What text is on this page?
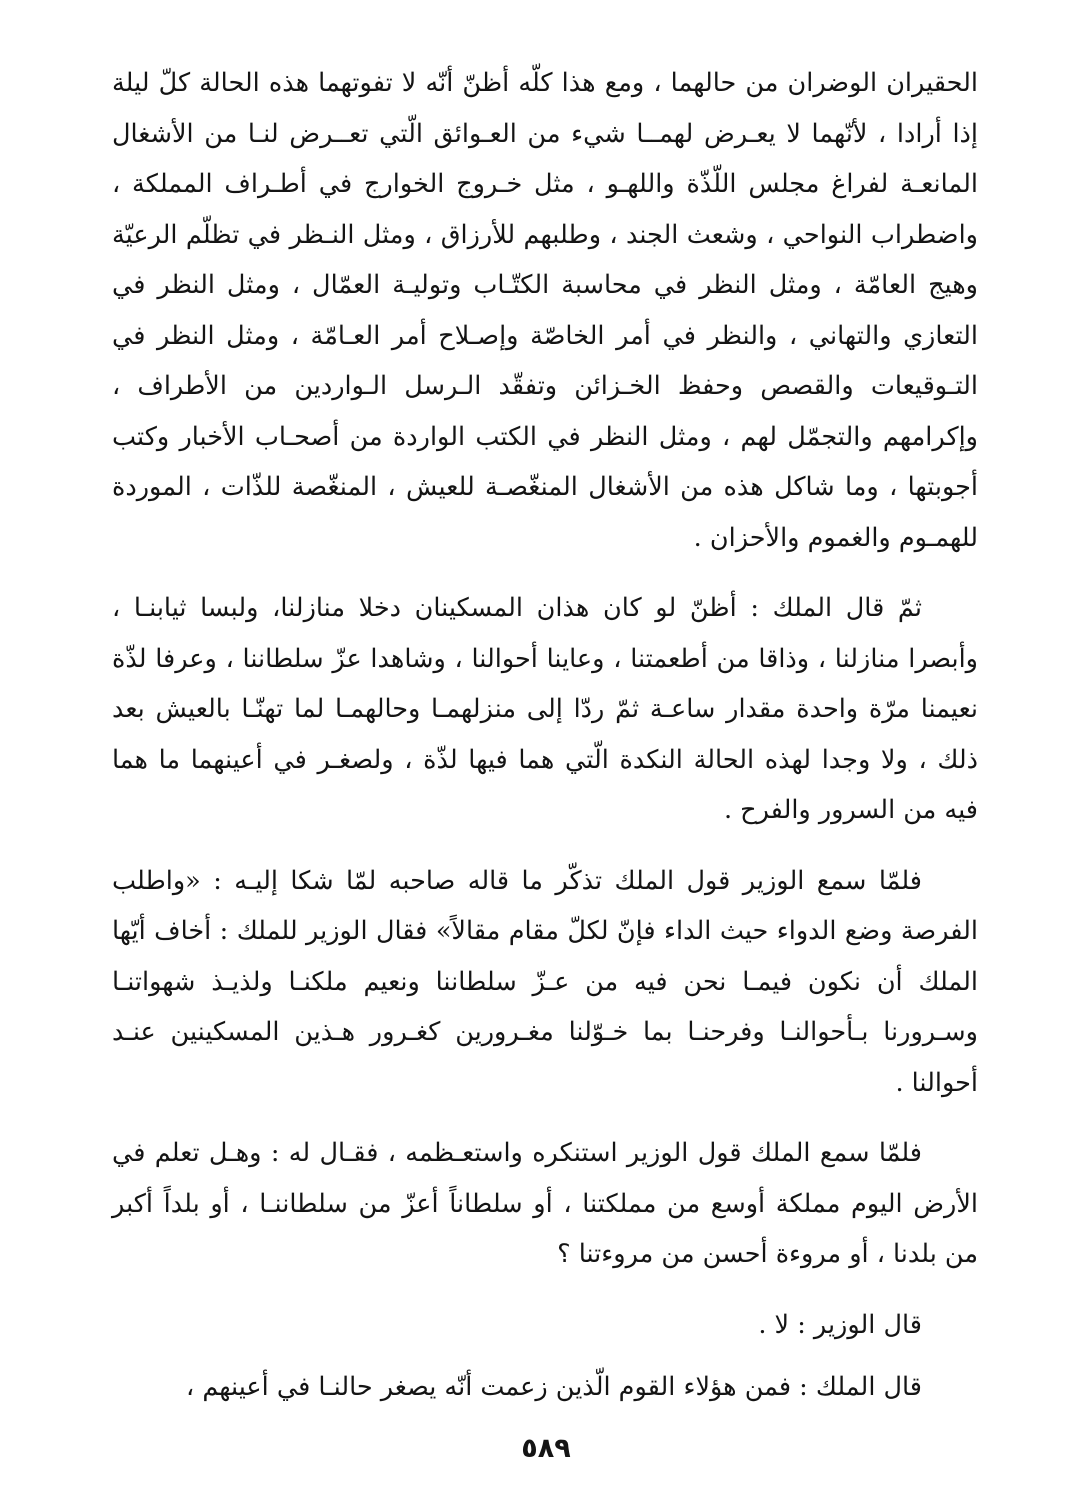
الحقيران الوضران من حالهما ، ومع هذا كلّه أظنّ أنّه لا تفوتهما هذه الحالة كلّ ليلة إذا أرادا ، لأنّهما لا يعـرض لهمــا شيء من العـوائق الّتي تعــرض لنـا من الأشغال المانعـة لفراغ مجلس اللّذّة واللهـو ، مثل خـروج الخوارج في أطـراف المملكة ، واضطراب النواحي ، وشعث الجند ، وطلبهم للأرزاق ، ومثل النـظر في تظلّم الرعيّة وهيج العامّة ، ومثل النظر في محاسبة الكتّـاب وتوليـة العمّال ، ومثل النظر في التعازي والتهاني ، والنظر في أمر الخاصّة وإصـلاح أمر العـامّة ، ومثل النظر في التـوقيعات والقصص وحفظ الخـزائن وتفقّد الـرسل الـواردين من الأطراف ، وإكرامهم والتجمّل لهم ، ومثل النظر في الكتب الواردة من أصحـاب الأخبار وكتب أجوبتها ، وما شاكل هذه من الأشغال المنغّصـة للعيش ، المنغّصة للذّات ، الموردة للهمـوم والغموم والأحزان .

ثمّ قال الملك : أظنّ لو كان هذان المسكينان دخلا منازلنا، ولبسا ثيابنـا ، وأبصرا منازلنا ، وذاقا من أطعمتنا ، وعاينا أحوالنا ، وشاهدا عزّ سلطاننا ، وعرفا لذّة نعيمنا مرّة واحدة مقدار ساعـة ثمّ ردّا إلى منزلهمـا وحالهمـا لما تهنّـا بالعيش بعد ذلك ، ولا وجدا لهذه الحالة النكدة الّتي هما فيها لذّة ، ولصغـر في أعينهما ما هما فيه من السرور والفرح .

فلمّا سمع الوزير قول الملك تذكّر ما قاله صاحبه لمّا شكا إليـه : «واطلب الفرصة وضع الدواء حيث الداء فإنّ لكلّ مقام مقالاً» فقال الوزير للملك : أخاف أيّها الملك أن نكون فيمـا نحن فيه من عـزّ سلطاننا ونعيم ملكنـا ولذيـذ شهواتنـا وسـرورنا بـأحوالنـا وفرحنـا بما خـوّلنا مغـرورين كغـرور هـذين المسكينين عنـد أحوالنا .

فلمّا سمع الملك قول الوزير استنكره واستعـظمه ، فقـال له : وهـل تعلم في الأرض اليوم مملكة أوسع من مملكتنا ، أو سلطاناً أعزّ من سلطاننـا ، أو بلداً أكبر من بلدنا ، أو مروءة أحسن من مروءتنا ؟

قال الوزير : لا .

قال الملك : فمن هؤلاء القوم الّذين زعمت أنّه يصغر حالنـا في أعينهم ،

٥٨٩
